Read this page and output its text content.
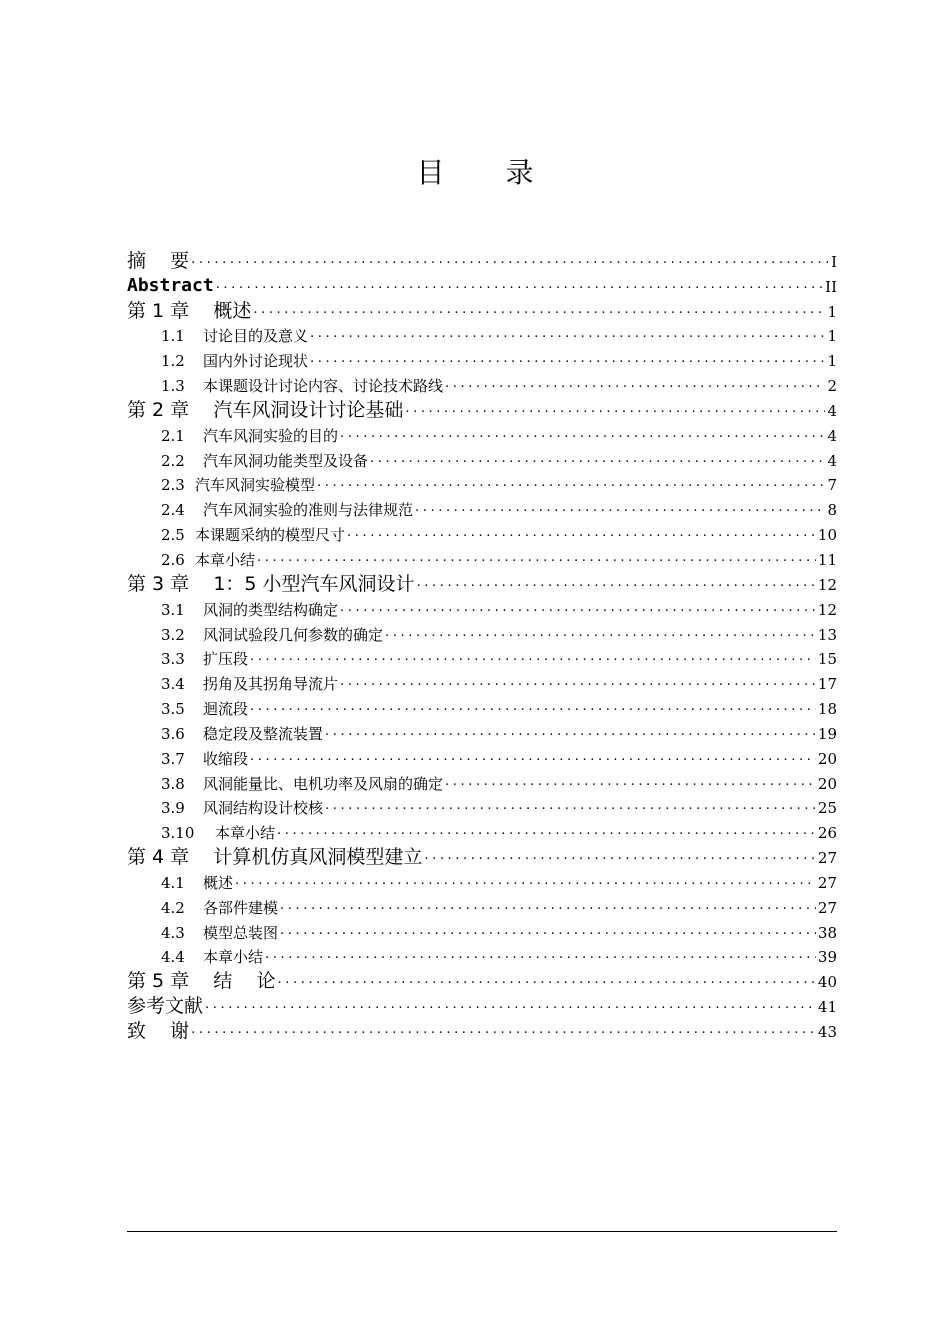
目 录
摘    要 .....	I
Abstract .....	II
第 1 章 概述 .....	1
1.1 讨论目的及意义 .....	1
1.2 国内外讨论现状 .....	1
1.3 本课题设计讨论内容、讨论技术路线 .....	2
第 2 章 汽车风洞设计讨论基础 .....	4
2.1 汽车风洞实验的目的 .....	4
2.2 汽车风洞功能类型及设备 .....	4
2.3 汽车风洞实验模型 .....	7
2.4 汽车风洞实验的准则与法律规范 .....	8
2.5 本课题采纳的模型尺寸 .....	10
2.6 本章小结 .....	11
第 3 章 1：5 小型汽车风洞设计 .....	12
3.1 风洞的类型结构确定 .....	12
3.2 风洞试验段几何参数的确定 .....	13
3.3 扩压段 .....	15
3.4 拐角及其拐角导流片 .....	17
3.5 迴流段 .....	18
3.6 稳定段及整流装置 .....	19
3.7 收缩段 .....	20
3.8 风洞能量比、电机功率及风扇的确定 .....	20
3.9 风洞结构设计校核 .....	25
3.10 本章小结 .....	26
第 4 章 计算机仿真风洞模型建立 .....	27
4.1 概述 .....	27
4.2 各部件建模 .....	27
4.3 模型总装图 .....	38
4.4 本章小结 .....	39
第 5 章 结    论 .....	40
参考文献 .....	41
致    谢 .....	43
